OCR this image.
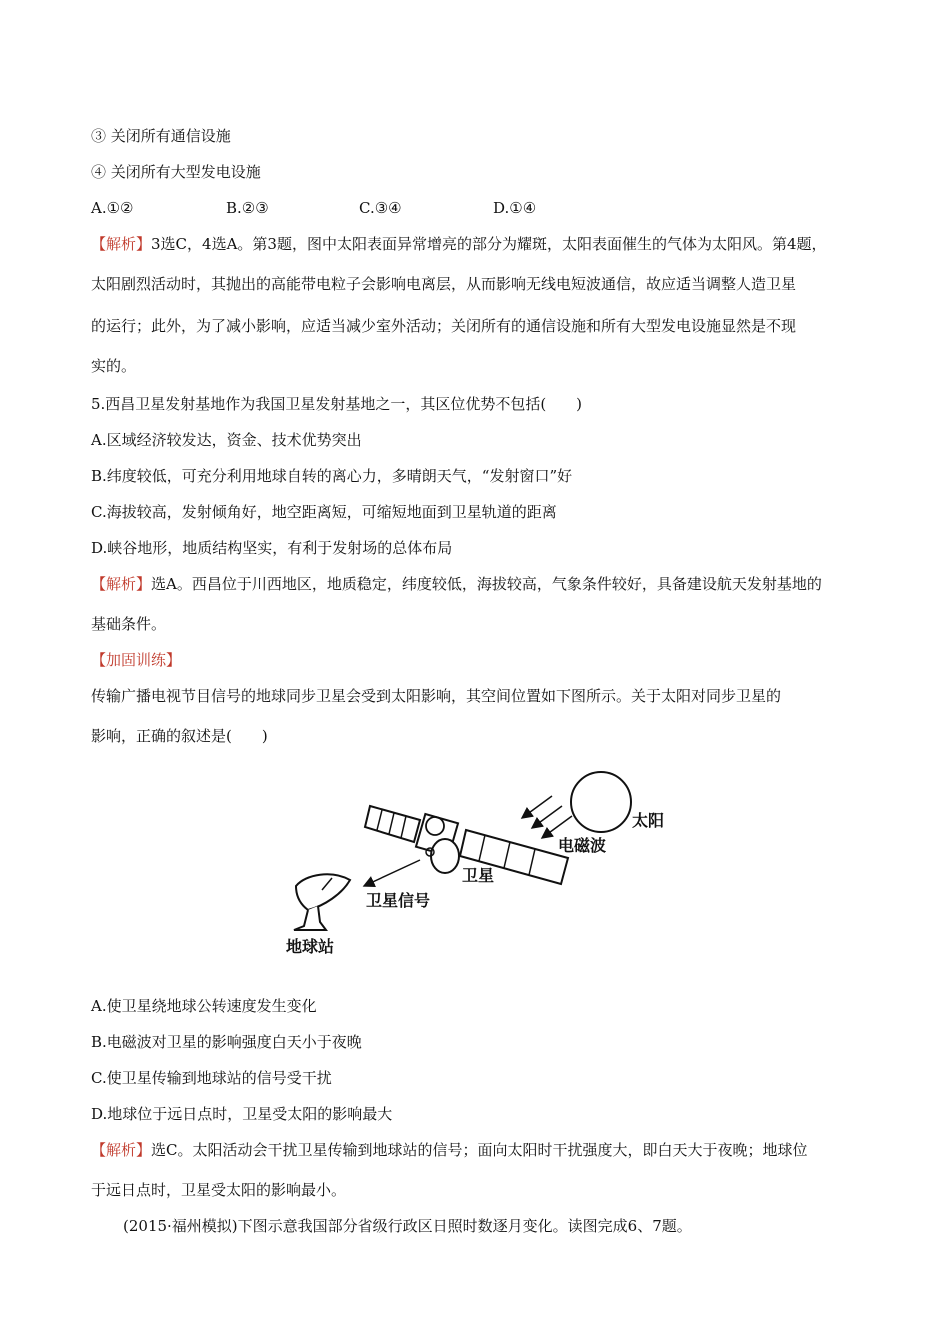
③ 关闭所有通信设施
④ 关闭所有大型发电设施
A.①②	B.②③	C.③④	D.①④
【解析】3选C，4选A。第3题，图中太阳表面异常增亮的部分为耀斑，太阳表面催生的气体为太阳风。第4题，
太阳剧烈活动时，其抛出的高能带电粒子会影响电离层，从而影响无线电短波通信，故应适当调整人造卫星
的运行；此外，为了减小影响，应适当减少室外活动；关闭所有的通信设施和所有大型发电设施显然是不现
实的。
5.西昌卫星发射基地作为我国卫星发射基地之一，其区位优势不包括(　　)
A.区域经济较发达，资金、技术优势突出
B.纬度较低，可充分利用地球自转的离心力，多晴朗天气，“发射窗口”好
C.海拔较高，发射倾角好，地空距离短，可缩短地面到卫星轨道的距离
D.峡谷地形，地质结构坚实，有利于发射场的总体布局
【解析】选A。西昌位于川西地区，地质稳定，纬度较低，海拔较高，气象条件较好，具备建设航天发射基地的
基础条件。
【加固训练】
传输广播电视节目信号的地球同步卫星会受到太阳影响，其空间位置如下图所示。关于太阳对同步卫星的
影响，正确的叙述是(　　)
太阳
电磁波
卫星
卫星信号
地球站
A.使卫星绕地球公转速度发生变化
B.电磁波对卫星的影响强度白天小于夜晚
C.使卫星传输到地球站的信号受干扰
D.地球位于远日点时，卫星受太阳的影响最大
【解析】选C。太阳活动会干扰卫星传输到地球站的信号；面向太阳时干扰强度大，即白天大于夜晚；地球位
于远日点时，卫星受太阳的影响最小。
(2015·福州模拟)下图示意我国部分省级行政区日照时数逐月变化。读图完成6、7题。
